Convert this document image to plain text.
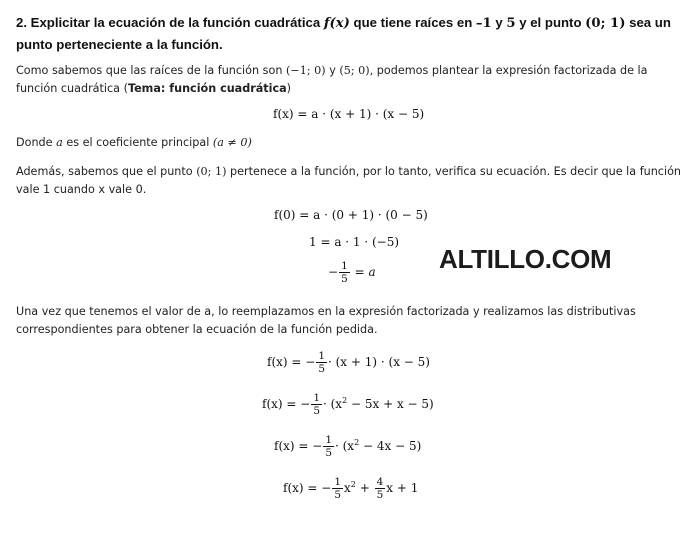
2. Explicitar la ecuación de la función cuadrática f(x) que tiene raíces en –1 y 5 y el punto (0; 1) sea un punto perteneciente a la función.
Como sabemos que las raíces de la función son (−1; 0) y (5; 0), podemos plantear la expresión factorizada de la función cuadrática (Tema: función cuadrática)
f(x) = a · (x + 1) · (x − 5)
Donde a es el coeficiente principal (a ≠ 0)
Además, sabemos que el punto (0; 1) pertenece a la función, por lo tanto, verifica su ecuación. Es decir que la función vale 1 cuando x vale 0.
f(0) = a · (0 + 1) · (0 − 5)
1 = a · 1 · (−5)
− $\frac{1}{5} = a$ ALTILLO.COM
Una vez que tenemos el valor de a, lo reemplazamos en la expresión factorizada y realizamos las distributivas correspondientes para obtener la ecuación de la función pedida.
f(x) = − $\frac{1}{5} \cdot (x + 1) \cdot (x - 5)$
f(x) = − $\frac{1}{5} \cdot (x^2 - 5x + x - 5)$
f(x) = − $\frac{1}{5} \cdot (x^2 - 4x - 5)$
f(x) = − $\frac{1}{5} x^2 + \frac{4}{5}$ x + 1
